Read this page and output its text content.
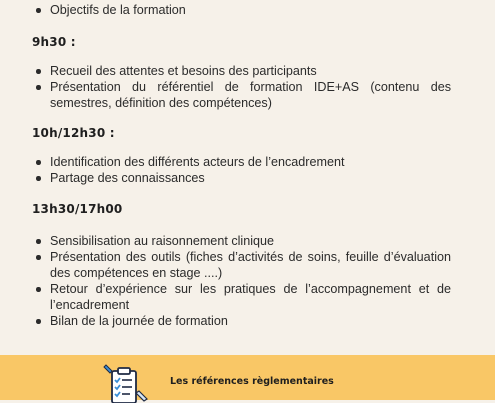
Objectifs de la formation
9h30 :
Recueil des attentes et besoins des participants
Présentation du référentiel de formation IDE+AS (contenu des semestres, définition des compétences)
10h/12h30 :
Identification des différents acteurs de l’encadrement
Partage des connaissances
13h30/17h00
Sensibilisation au raisonnement clinique
Présentation des outils (fiches d’activités de soins, feuille d’évaluation des compétences en stage ....)
Retour d’expérience sur les pratiques de l’accompagnement et de l’encadrement
Bilan de la journée de formation
Les références règlementaires
